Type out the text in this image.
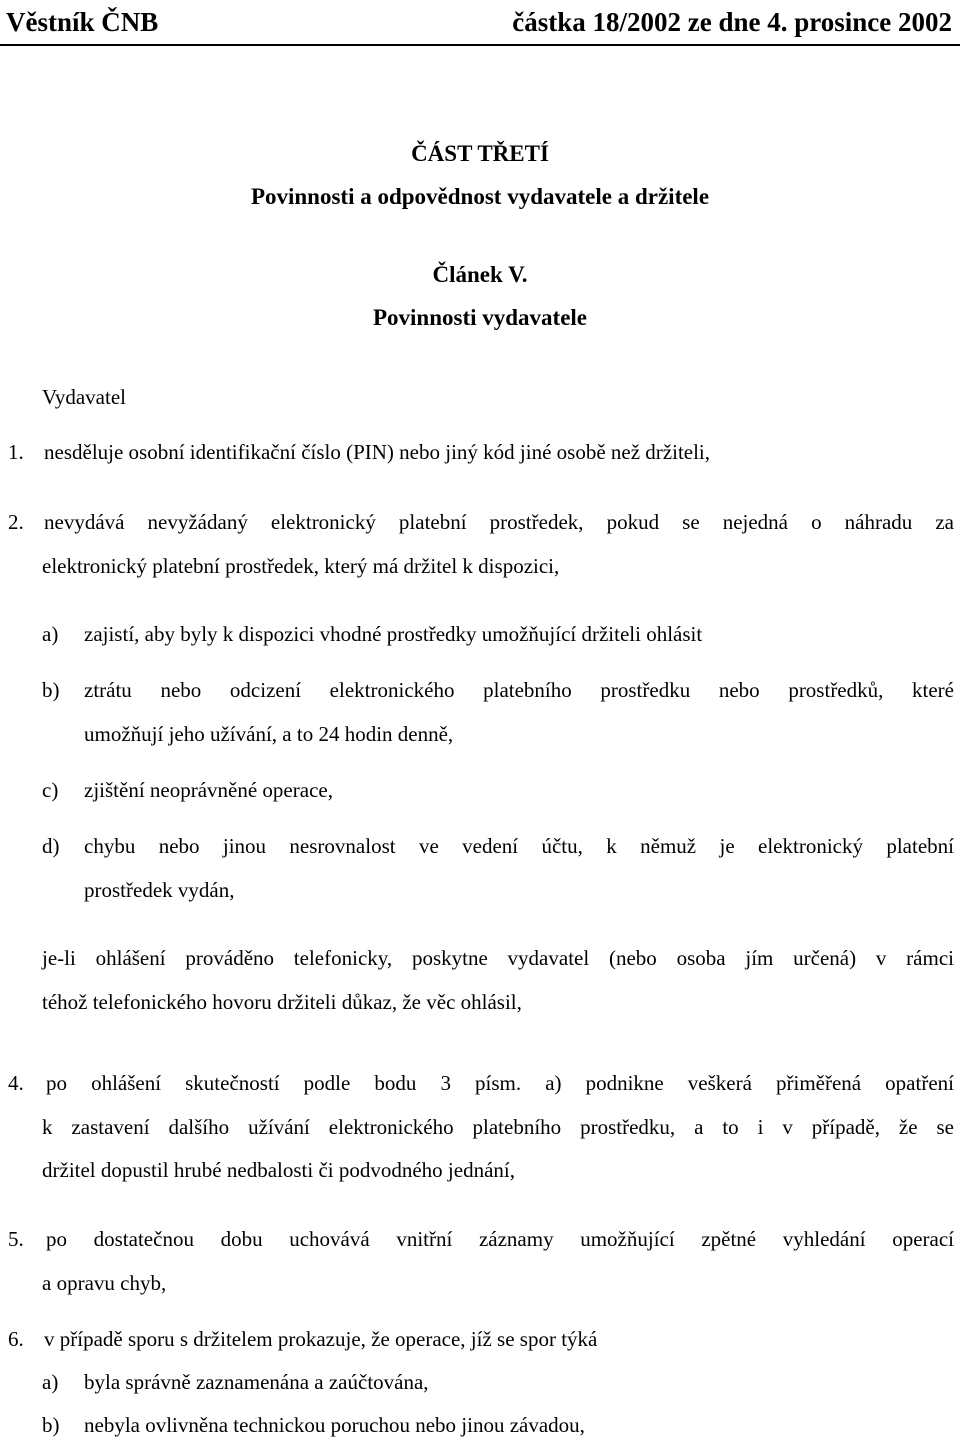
Věstník ČNB	částka 18/2002 ze dne 4. prosince 2002
ČÁST TŘETÍ
Povinnosti a odpovědnost vydavatele a držitele
Článek V.
Povinnosti vydavatele
Vydavatel
1. nesděluje osobní identifikační číslo (PIN) nebo jiný kód jiné osobě než držiteli,
2. nevydává nevyžádaný elektronický platební prostředek, pokud se nejedná o náhradu za
elektronický platební prostředek, který má držitel k dispozici,
a) zajistí, aby byly k dispozici vhodné prostředky umožňující držiteli ohlásit
b) ztrátu nebo odcizení elektronického platebního prostředku nebo prostředků, které
umožňují jeho užívání, a to 24 hodin denně,
c) zjištění neoprávněné operace,
d) chybu nebo jinou nesrovnalost ve vedení účtu, k němuž je elektronický platební
prostředek vydán,
je-li ohlášení prováděno telefonicky, poskytne vydavatel (nebo osoba jím určená) v rámci
téhož telefonického hovoru držiteli důkaz, že věc ohlásil,
4. po ohlášení skutečností podle bodu 3 písm. a) podnikne veškerá přiměřená opatření
k zastavení dalšího užívání elektronického platebního prostředku, a to i v případě, že se
držitel dopustil hrubé nedbalosti či podvodného jednání,
5. po dostatečnou dobu uchovává vnitřní záznamy umožňující zpětné vyhledání operací
a opravu chyb,
6. v případě sporu s držitelem prokazuje, že operace, jíž se spor týká
a) byla správně zaznamenána a zaúčtována,
b) nebyla ovlivněna technickou poruchou nebo jinou závadou,
